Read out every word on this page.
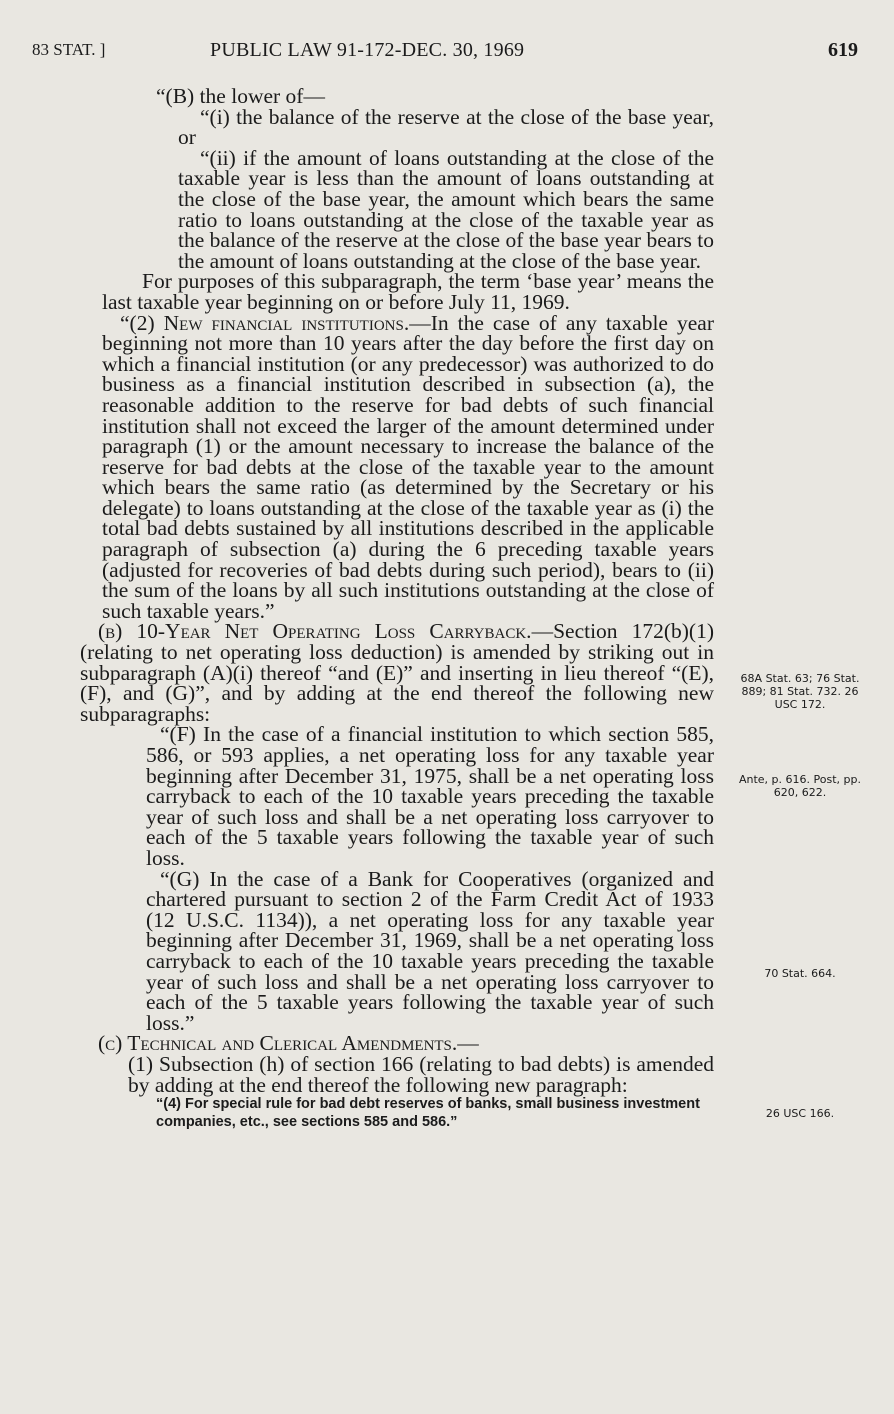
83 STAT. ]	PUBLIC LAW 91-172-DEC. 30, 1969	619

“(B) the lower of—

“(i) the balance of the reserve at the close of the base year, or

“(ii) if the amount of loans outstanding at the close of the taxable year is less than the amount of loans outstanding at the close of the base year, the amount which bears the same ratio to loans outstanding at the close of the taxable year as the balance of the reserve at the close of the base year bears to the amount of loans outstanding at the close of the base year.

For purposes of this subparagraph, the term ‘base year’ means the last taxable year beginning on or before July 11, 1969.

“(2) New financial institutions.—In the case of any taxable year beginning not more than 10 years after the day before the first day on which a financial institution (or any predecessor) was authorized to do business as a financial institution described in subsection (a), the reasonable addition to the reserve for bad debts of such financial institution shall not exceed the larger of the amount determined under paragraph (1) or the amount necessary to increase the balance of the reserve for bad debts at the close of the taxable year to the amount which bears the same ratio (as determined by the Secretary or his delegate) to loans outstanding at the close of the taxable year as (i) the total bad debts sustained by all institutions described in the applicable paragraph of subsection (a) during the 6 preceding taxable years (adjusted for recoveries of bad debts during such period), bears to (ii) the sum of the loans by all such institutions outstanding at the close of such taxable years.”

(b) 10-Year Net Operating Loss Carryback.—Section 172(b)(1) (relating to net operating loss deduction) is amended by striking out in subparagraph (A)(i) thereof “and (E)” and inserting in lieu thereof “(E), (F), and (G)”, and by adding at the end thereof the following new subparagraphs:

“(F) In the case of a financial institution to which section 585, 586, or 593 applies, a net operating loss for any taxable year beginning after December 31, 1975, shall be a net operating loss carryback to each of the 10 taxable years preceding the taxable year of such loss and shall be a net operating loss carryover to each of the 5 taxable years following the taxable year of such loss.

“(G) In the case of a Bank for Cooperatives (organized and chartered pursuant to section 2 of the Farm Credit Act of 1933 (12 U.S.C. 1134)), a net operating loss for any taxable year beginning after December 31, 1969, shall be a net operating loss carryback to each of the 10 taxable years preceding the taxable year of such loss and shall be a net operating loss carryover to each of the 5 taxable years following the taxable year of such loss.”

(c) Technical and Clerical Amendments.—

(1) Subsection (h) of section 166 (relating to bad debts) is amended by adding at the end thereof the following new paragraph:

“(4) For special rule for bad debt reserves of banks, small business investment companies, etc., see sections 585 and 586.”

68A Stat. 63; 76 Stat. 889; 81 Stat. 732. 26 USC 172.
Ante, p. 616. Post, pp. 620, 622.
70 Stat. 664.
26 USC 166.
